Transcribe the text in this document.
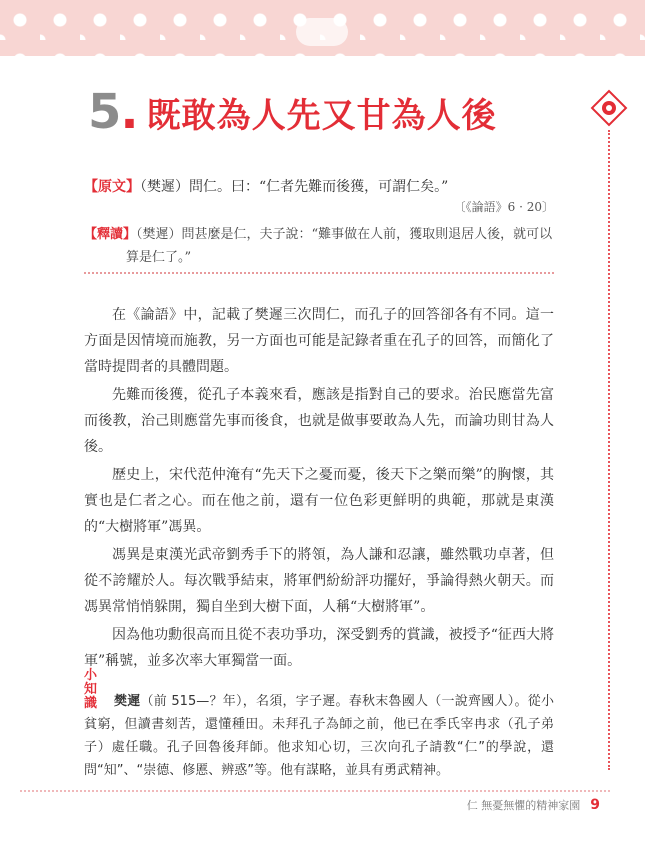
5 . 既敢為人先又甘為人後
【原文】（樊遲）問仁。曰：“仁者先難而後獲，可謂仁矣。”
〔《論語》6 · 20〕
【釋讀】（樊遲）問甚麼是仁，夫子說：“難事做在人前，獲取則退居人後，就可以
算是仁了。”

在《論語》中，記載了樊遲三次問仁，而孔子的回答卻各有不同。這一方面是因情境而施教，另一方面也可能是記錄者重在孔子的回答，而簡化了當時提問者的具體問題。

先難而後獲，從孔子本義來看，應該是指對自己的要求。治民應當先富而後教，治己則應當先事而後食，也就是做事要敢為人先，而論功則甘為人後。

歷史上，宋代范仲淹有“先天下之憂而憂，後天下之樂而樂”的胸懷，其實也是仁者之心。而在他之前，還有一位色彩更鮮明的典範，那就是東漢的“大樹將軍”馮異。

馮異是東漢光武帝劉秀手下的將領，為人謙和忍讓，雖然戰功卓著，但從不誇耀於人。每次戰爭結束，將軍們紛紛評功擺好，爭論得熱火朝天。而馮異常悄悄躲開，獨自坐到大樹下面，人稱“大樹將軍”。

因為他功勳很高而且從不表功爭功，深受劉秀的賞識，被授予“征西大將軍”稱號，並多次率大軍獨當一面。

小知識	樊遲（前 515—？年），名須，字子遲。春秋末魯國人（一說齊國人）。從小貧窮，但讀書刻苦，還懂種田。未拜孔子為師之前，他已在季氏宰冉求（孔子弟子）處任職。孔子回魯後拜師。他求知心切，三次向孔子請教“仁”的學說，還問“知”、“崇德、修慝、辨惑”等。他有謀略，並具有勇武精神。
仁 無憂無懼的精神家園 9
